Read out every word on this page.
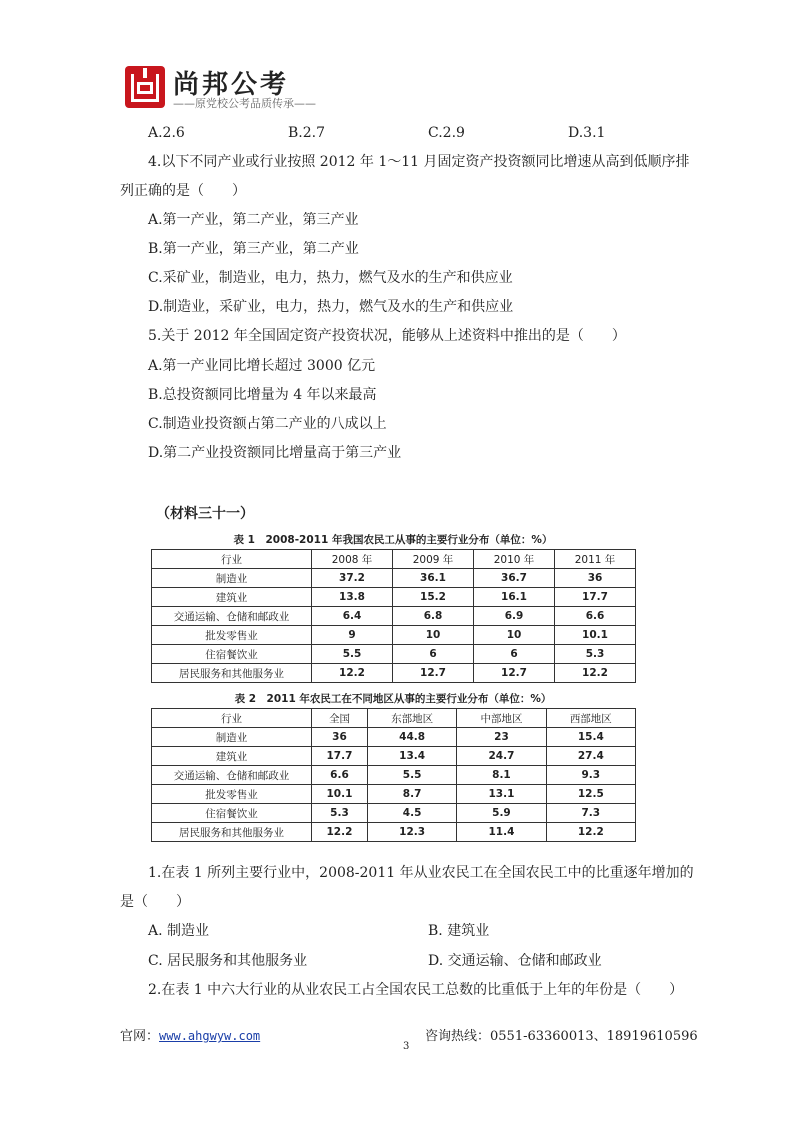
尚邦公考
——原党校公考品质传承——
A.2.6	B.2.7	C.2.9	D.3.1
4.以下不同产业或行业按照 2012 年 1～11 月固定资产投资额同比增速从高到低顺序排
列正确的是（　　）
A.第一产业，第二产业，第三产业
B.第一产业，第三产业，第二产业
C.采矿业，制造业，电力，热力，燃气及水的生产和供应业
D.制造业，采矿业，电力，热力，燃气及水的生产和供应业
5.关于 2012 年全国固定资产投资状况，能够从上述资料中推出的是（　　）
A.第一产业同比增长超过 3000 亿元
B.总投资额同比增量为 4 年以来最高
C.制造业投资额占第二产业的八成以上
D.第二产业投资额同比增量高于第三产业
（材料三十一）
表 1　2008-2011 年我国农民工从事的主要行业分布（单位：%）
行业	2008 年	2009 年	2010 年	2011 年
制造业	37.2	36.1	36.7	36
建筑业	13.8	15.2	16.1	17.7
交通运输、仓储和邮政业	6.4	6.8	6.9	6.6
批发零售业	9	10	10	10.1
住宿餐饮业	5.5	6	6	5.3
居民服务和其他服务业	12.2	12.7	12.7	12.2
表 2　2011 年农民工在不同地区从事的主要行业分布（单位：%）
行业	全国	东部地区	中部地区	西部地区
制造业	36	44.8	23	15.4
建筑业	17.7	13.4	24.7	27.4
交通运输、仓储和邮政业	6.6	5.5	8.1	9.3
批发零售业	10.1	8.7	13.1	12.5
住宿餐饮业	5.3	4.5	5.9	7.3
居民服务和其他服务业	12.2	12.3	11.4	12.2
1.在表 1 所列主要行业中，2008-2011 年从业农民工在全国农民工中的比重逐年增加的
是（　　）
A. 制造业	B. 建筑业
C. 居民服务和其他服务业	D. 交通运输、仓储和邮政业
2.在表 1 中六大行业的从业农民工占全国农民工总数的比重低于上年的年份是（　　）
官网：www.ahgwyw.com	咨询热线：0551-63360013、18919610596
3
